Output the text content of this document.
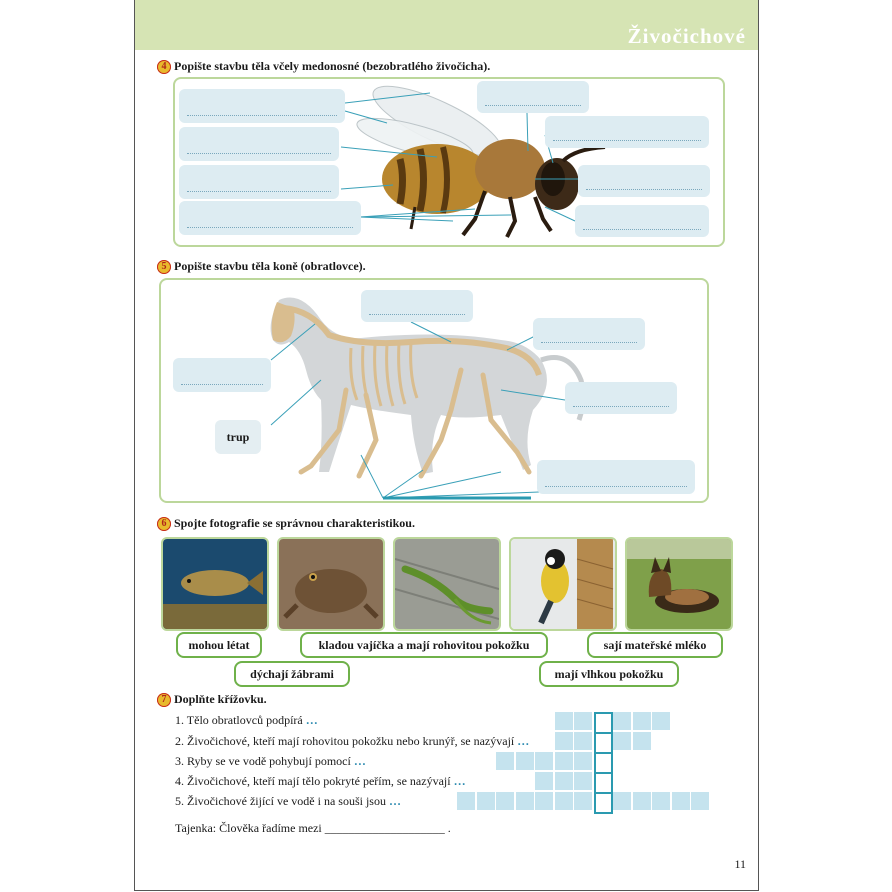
Živočichové
4 Popište stavbu těla včely medonosné (bezobratlého živočicha).
5 Popište stavbu těla koně (obratlovce).
trup
6 Spojte fotografie se správnou charakteristikou.
mohou létat	kladou vajíčka a mají rohovitou pokožku	sají mateřské mléko
dýchají žábrami	mají vlhkou pokožku
7 Doplňte křížovku.
1. Tělo obratlovců podpírá …
2. Živočichové, kteří mají rohovitou pokožku nebo krunýř, se nazývají …
3. Ryby se ve vodě pohybují pomocí …
4. Živočichové, kteří mají tělo pokryté peřím, se nazývají …
5. Živočichové žijící ve vodě i na souši jsou …
Tajenka: Člověka řadíme mezi ____________________ .
11
